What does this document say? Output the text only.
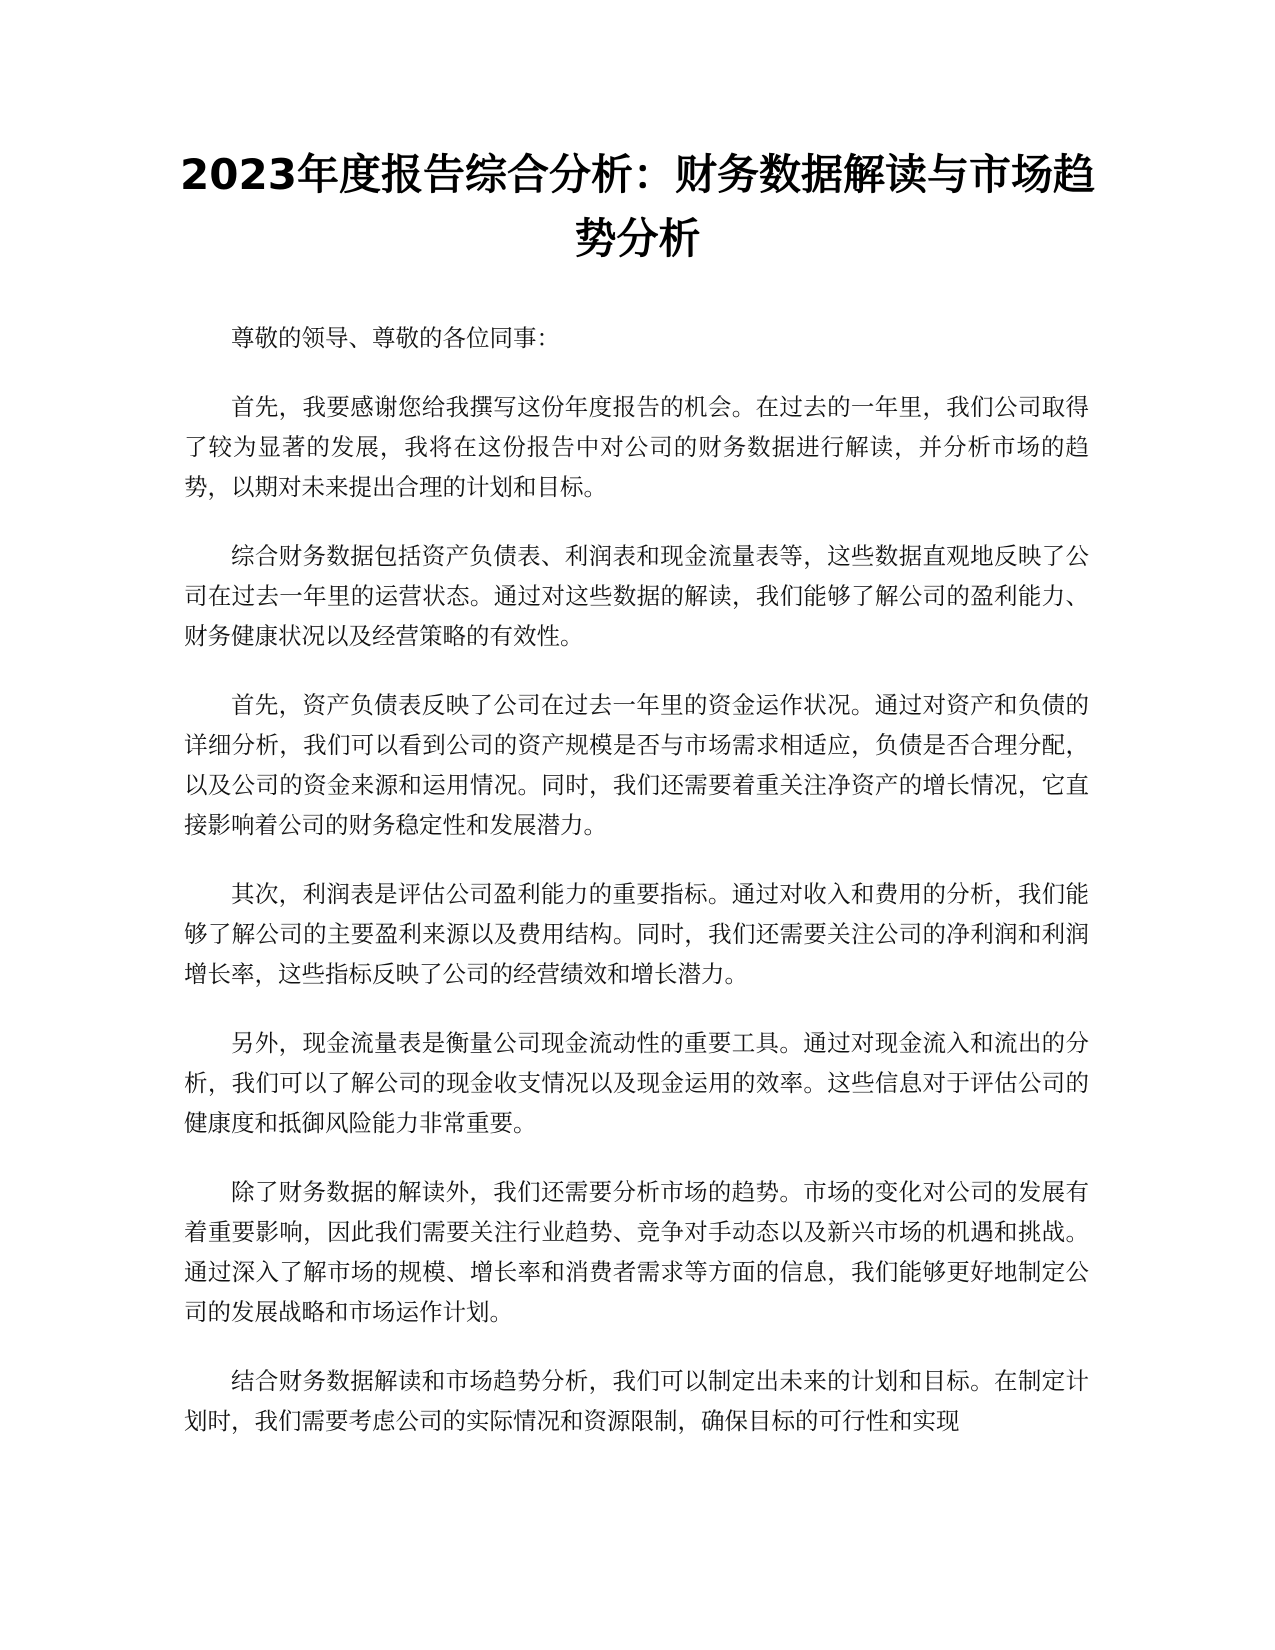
2023年度报告综合分析：财务数据解读与市场趋势分析

尊敬的领导、尊敬的各位同事：

首先，我要感谢您给我撰写这份年度报告的机会。在过去的一年里，我们公司取得了较为显著的发展，我将在这份报告中对公司的财务数据进行解读，并分析市场的趋势，以期对未来提出合理的计划和目标。

综合财务数据包括资产负债表、利润表和现金流量表等，这些数据直观地反映了公司在过去一年里的运营状态。通过对这些数据的解读，我们能够了解公司的盈利能力、财务健康状况以及经营策略的有效性。

首先，资产负债表反映了公司在过去一年里的资金运作状况。通过对资产和负债的详细分析，我们可以看到公司的资产规模是否与市场需求相适应，负债是否合理分配，以及公司的资金来源和运用情况。同时，我们还需要着重关注净资产的增长情况，它直接影响着公司的财务稳定性和发展潜力。

其次，利润表是评估公司盈利能力的重要指标。通过对收入和费用的分析，我们能够了解公司的主要盈利来源以及费用结构。同时，我们还需要关注公司的净利润和利润增长率，这些指标反映了公司的经营绩效和增长潜力。

另外，现金流量表是衡量公司现金流动性的重要工具。通过对现金流入和流出的分析，我们可以了解公司的现金收支情况以及现金运用的效率。这些信息对于评估公司的健康度和抵御风险能力非常重要。

除了财务数据的解读外，我们还需要分析市场的趋势。市场的变化对公司的发展有着重要影响，因此我们需要关注行业趋势、竞争对手动态以及新兴市场的机遇和挑战。通过深入了解市场的规模、增长率和消费者需求等方面的信息，我们能够更好地制定公司的发展战略和市场运作计划。

结合财务数据解读和市场趋势分析，我们可以制定出未来的计划和目标。在制定计划时，我们需要考虑公司的实际情况和资源限制，确保目标的可行性和实现
